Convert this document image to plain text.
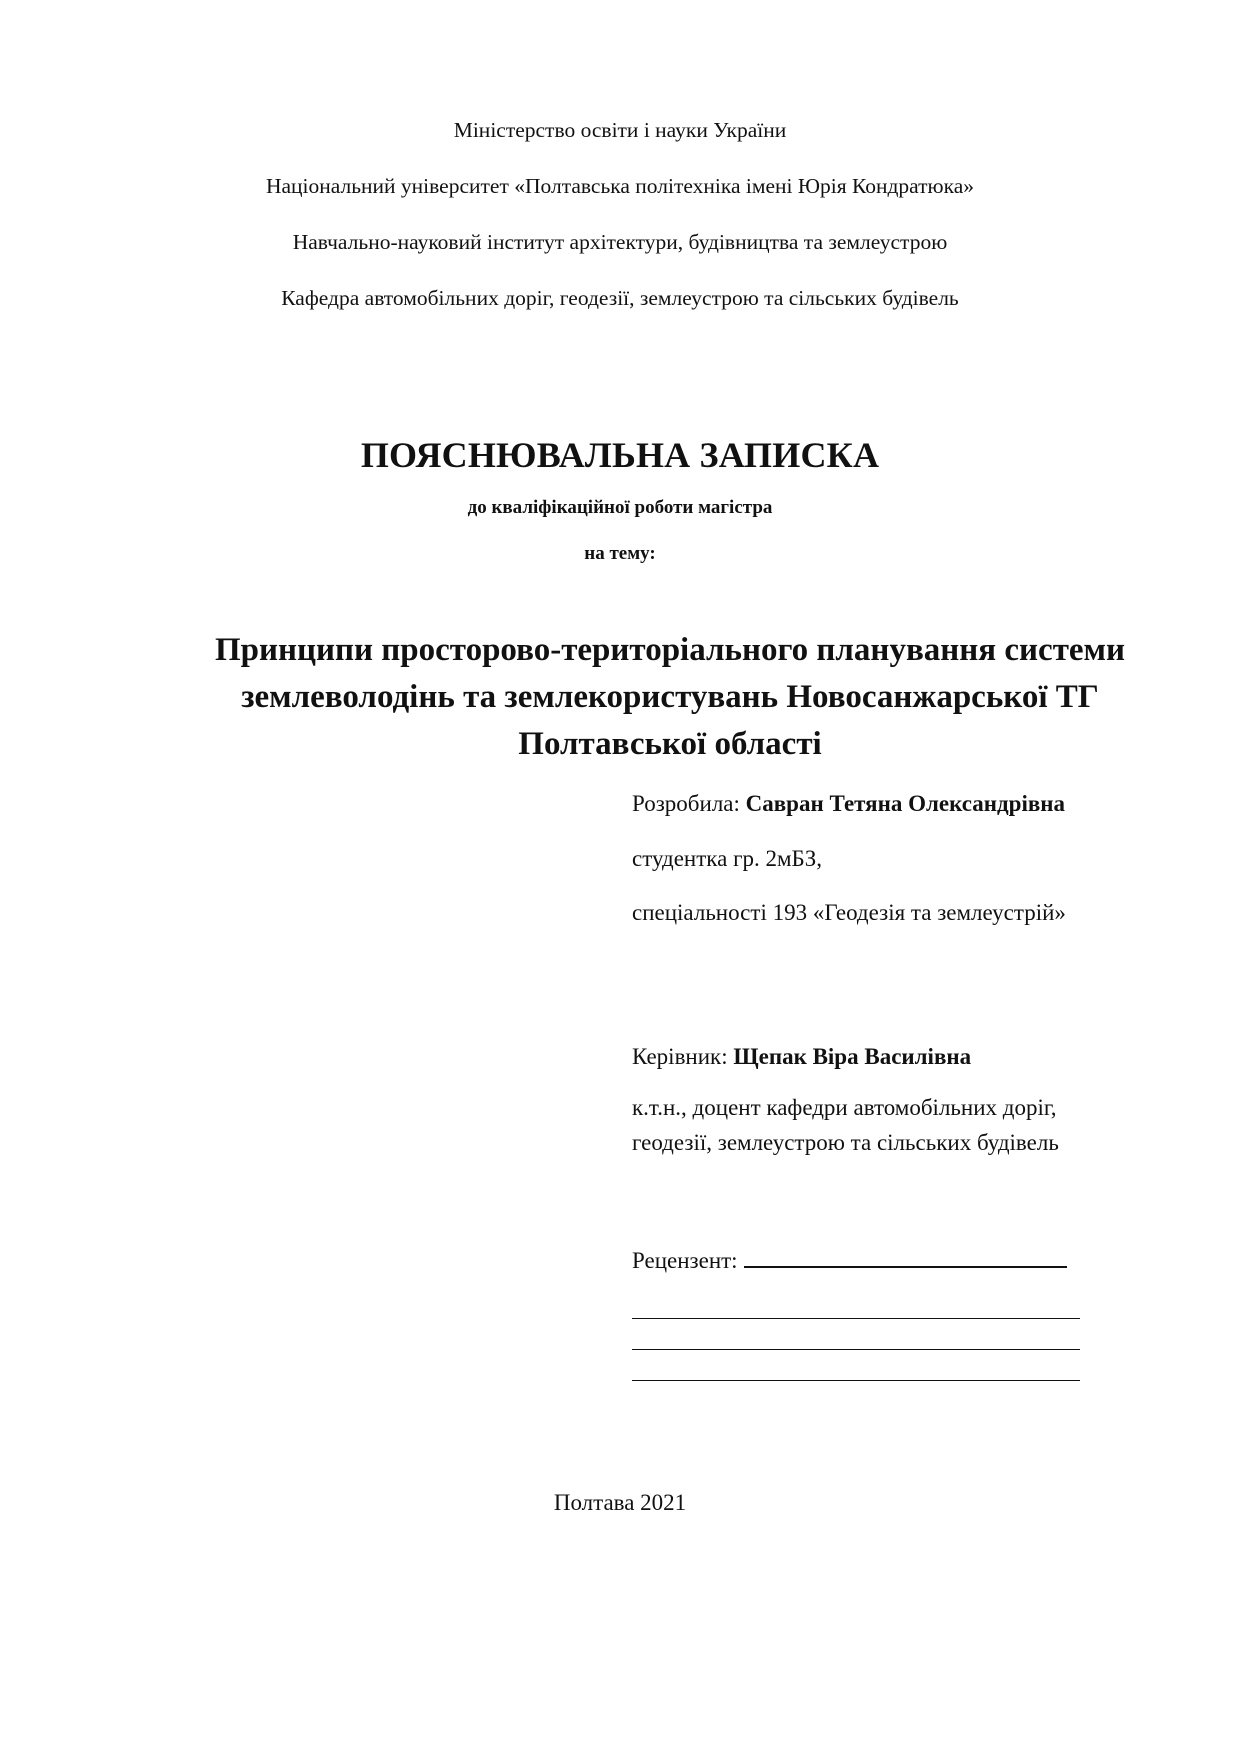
Міністерство освіти і науки України
Національний університет «Полтавська політехніка імені Юрія Кондратюка»
Навчально-науковий інститут архітектури, будівництва та землеустрою
Кафедра автомобільних доріг, геодезії, землеустрою та сільських будівель
ПОЯСНЮВАЛЬНА ЗАПИСКА
до кваліфікаційної роботи магістра
на тему:
Принципи просторово-територіального планування системи
землеволодінь та землекористувань Новосанжарської ТГ
Полтавської області
Розробила: Савран Тетяна Олександрівна
студентка гр. 2мБЗ,
спеціальності 193 «Геодезія та землеустрій»
Керівник: Щепак Віра Василівна
к.т.н., доцент кафедри автомобільних доріг,
геодезії, землеустрою та сільських будівель
Рецензент:
Полтава 2021
